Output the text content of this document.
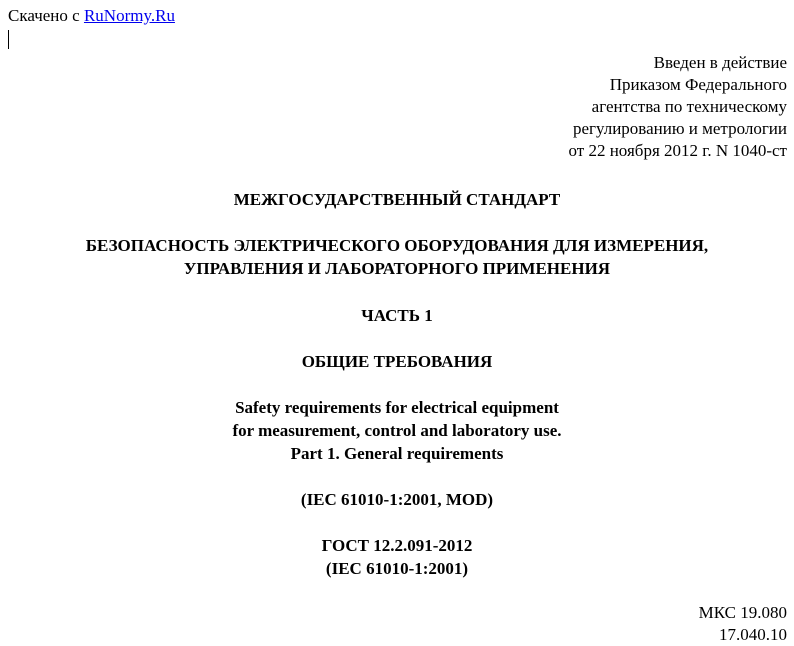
Скачено с RuNormy.Ru
Введен в действие
Приказом Федерального
агентства по техническому
регулированию и метрологии
от 22 ноября 2012 г. N 1040-ст
МЕЖГОСУДАРСТВЕННЫЙ СТАНДАРТ
БЕЗОПАСНОСТЬ ЭЛЕКТРИЧЕСКОГО ОБОРУДОВАНИЯ ДЛЯ ИЗМЕРЕНИЯ,
УПРАВЛЕНИЯ И ЛАБОРАТОРНОГО ПРИМЕНЕНИЯ
ЧАСТЬ 1
ОБЩИЕ ТРЕБОВАНИЯ
Safety requirements for electrical equipment
for measurement, control and laboratory use.
Part 1. General requirements
(IEC 61010-1:2001, MOD)
ГОСТ 12.2.091-2012
(IEC 61010-1:2001)
МКС 19.080
17.040.10
